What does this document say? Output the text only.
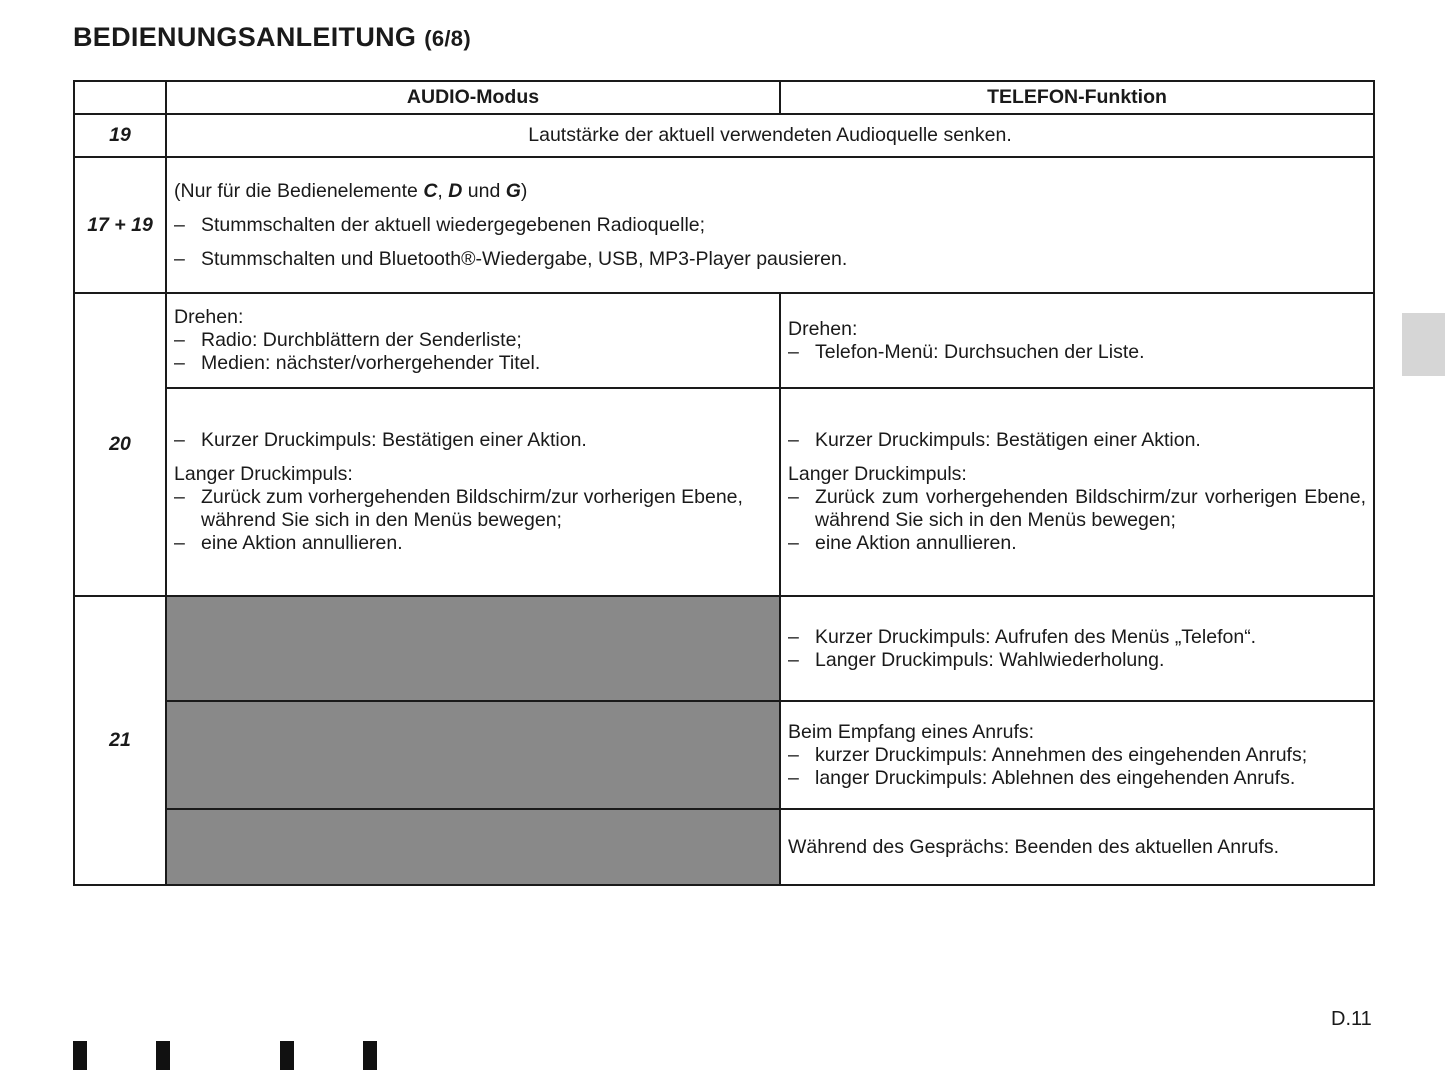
BEDIENUNGSANLEITUNG (6/8)
	AUDIO-Modus	TELEFON-Funktion
19	Lautstärke der aktuell verwendeten Audioquelle senken.	
17 + 19	(Nur für die Bedienelemente C, D und G)
– Stummschalten der aktuell wiedergegebenen Radioquelle;
– Stummschalten und Bluetooth®-Wiedergabe, USB, MP3-Player pausieren.

20	Drehen:
– Radio: Durchblättern der Senderliste;
– Medien: nächster/vorhergehender Titel.	Drehen:
– Telefon-Menü: Durchsuchen der Liste.

	– Kurzer Druckimpuls: Bestätigen einer Aktion.
Langer Druckimpuls:
– Zurück zum vorhergehenden Bildschirm/zur vorherigen Ebene, während Sie sich in den Menüs bewegen;
– eine Aktion annullieren.	– Kurzer Druckimpuls: Bestätigen einer Aktion.
Langer Druckimpuls:
– Zurück zum vorhergehenden Bildschirm/zur vorherigen Ebene, während Sie sich in den Menüs bewegen;
– eine Aktion annullieren.

21		– Kurzer Druckimpuls: Aufrufen des Menüs „Telefon“.
– Langer Druckimpuls: Wahlwiederholung.

		Beim Empfang eines Anrufs:
– kurzer Druckimpuls: Annehmen des eingehenden Anrufs;
– langer Druckimpuls: Ablehnen des eingehenden Anrufs.

		Während des Gesprächs: Beenden des aktuellen Anrufs.
D.11
